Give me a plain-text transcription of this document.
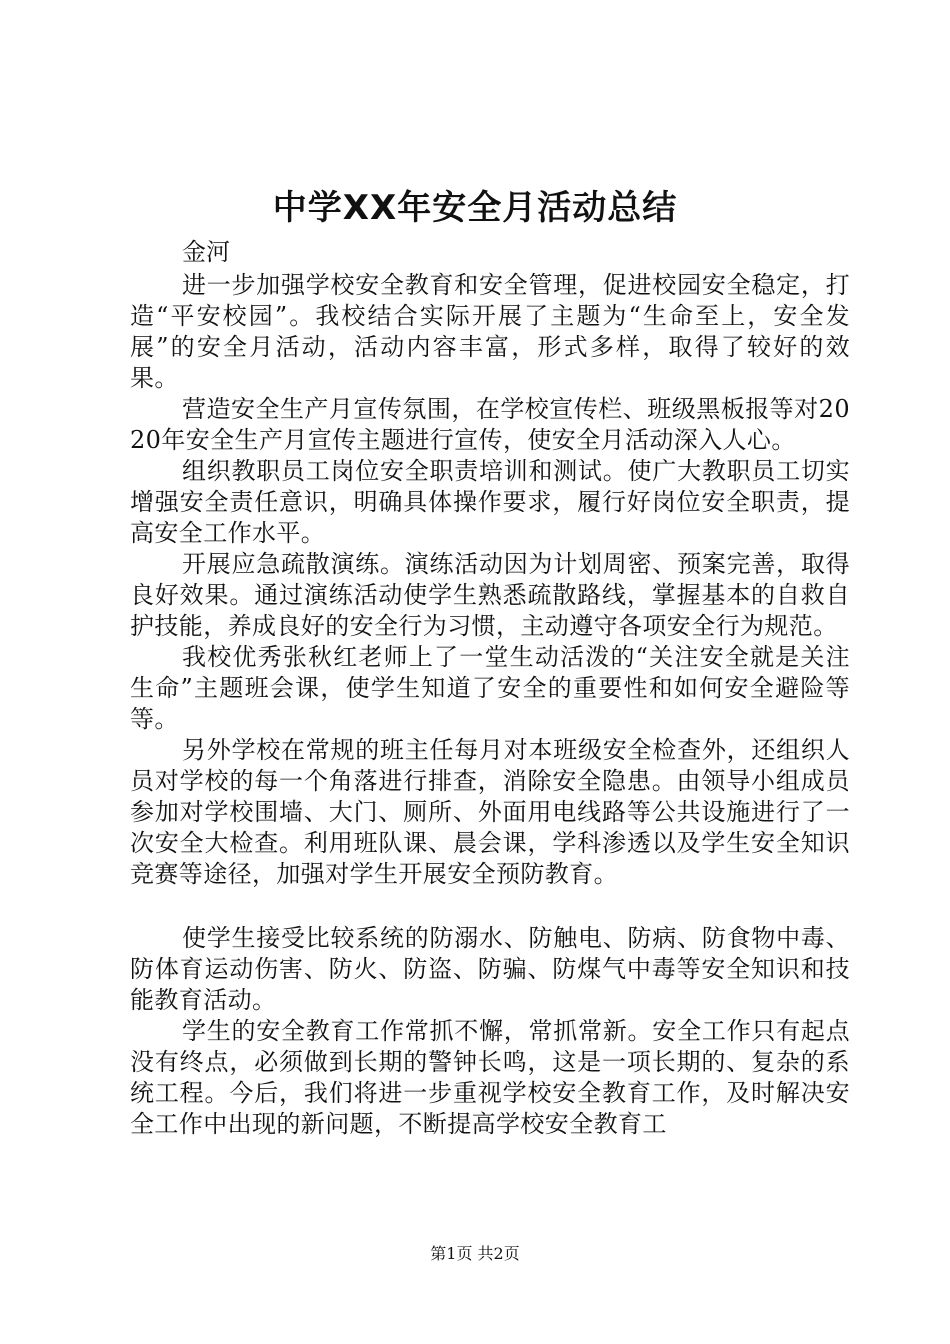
中学XX年安全月活动总结

金河

进一步加强学校安全教育和安全管理，促进校园安全稳定，打造“平安校园”。我校结合实际开展了主题为“生命至上，安全发展”的安全月活动，活动内容丰富，形式多样，取得了较好的效果。

营造安全生产月宣传氛围，在学校宣传栏、班级黑板报等对2020年安全生产月宣传主题进行宣传，使安全月活动深入人心。

组织教职员工岗位安全职责培训和测试。使广大教职员工切实增强安全责任意识，明确具体操作要求，履行好岗位安全职责，提高安全工作水平。

开展应急疏散演练。演练活动因为计划周密、预案完善，取得良好效果。通过演练活动使学生熟悉疏散路线，掌握基本的自救自护技能，养成良好的安全行为习惯，主动遵守各项安全行为规范。

我校优秀张秋红老师上了一堂生动活泼的“关注安全就是关注生命”主题班会课，使学生知道了安全的重要性和如何安全避险等等。

另外学校在常规的班主任每月对本班级安全检查外，还组织人员对学校的每一个角落进行排查，消除安全隐患。由领导小组成员参加对学校围墙、大门、厕所、外面用电线路等公共设施进行了一次安全大检查。利用班队课、晨会课，学科渗透以及学生安全知识竞赛等途径，加强对学生开展安全预防教育。

使学生接受比较系统的防溺水、防触电、防病、防食物中毒、防体育运动伤害、防火、防盗、防骗、防煤气中毒等安全知识和技能教育活动。

学生的安全教育工作常抓不懈，常抓常新。安全工作只有起点没有终点，必须做到长期的警钟长鸣，这是一项长期的、复杂的系统工程。今后，我们将进一步重视学校安全教育工作，及时解决安全工作中出现的新问题，不断提高学校安全教育工

第1页 共2页
